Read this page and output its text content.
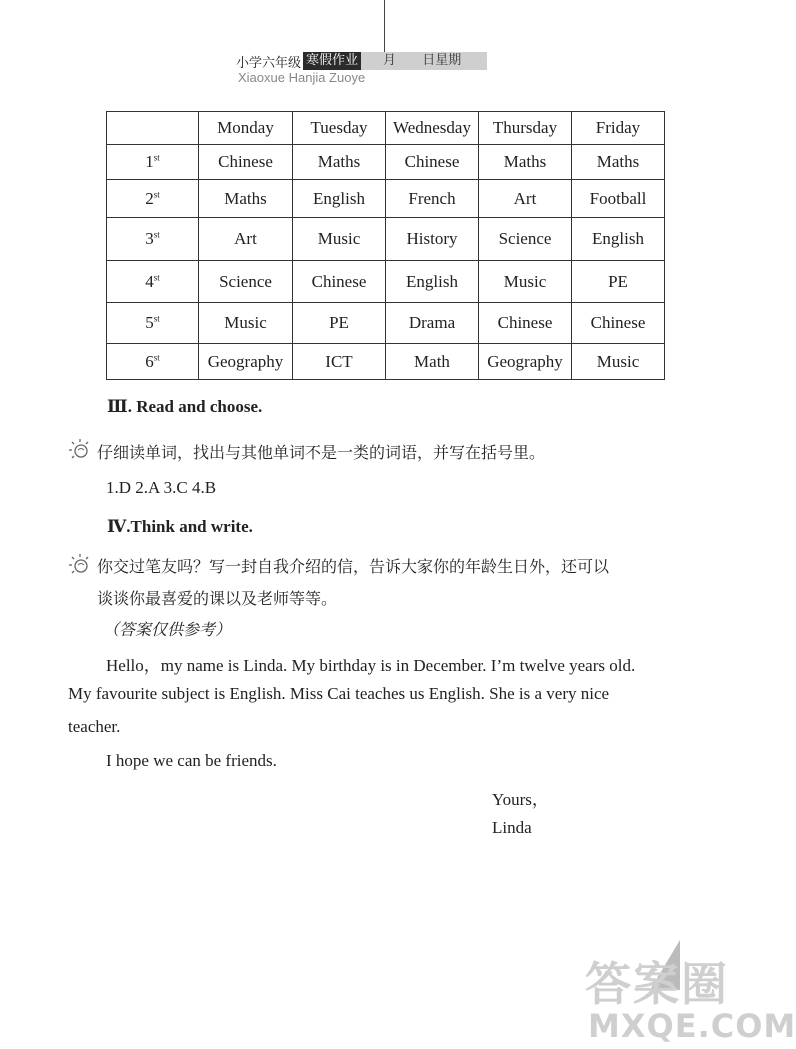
小学六年级 寒假作业	月 日星期
Xiaoxue Hanjia Zuoye
	Monday	Tuesday	Wednesday	Thursday	Friday
1st	Chinese	Maths	Chinese	Maths	Maths
2st	Maths	English	French	Art	Football
3st	Art	Music	History	Science	English
4st	Science	Chinese	English	Music	PE
5st	Music	PE	Drama	Chinese	Chinese
6st	Geography	ICT	Math	Geography	Music
Ⅲ. Read and choose.
仔细读单词，找出与其他单词不是一类的词语，并写在括号里。
1.D 2.A 3.C 4.B
Ⅳ.Think and write.
你交过笔友吗？写一封自我介绍的信，告诉大家你的年龄生日外，还可以
谈谈你最喜爱的课以及老师等等。
（答案仅供参考）
Hello，my name is Linda. My birthday is in December. I’m twelve years old.
My favourite subject is English. Miss Cai teaches us English. She is a very nice
teacher.
I hope we can be friends.
Yours，
Linda
答案圈
MXQE.COM
